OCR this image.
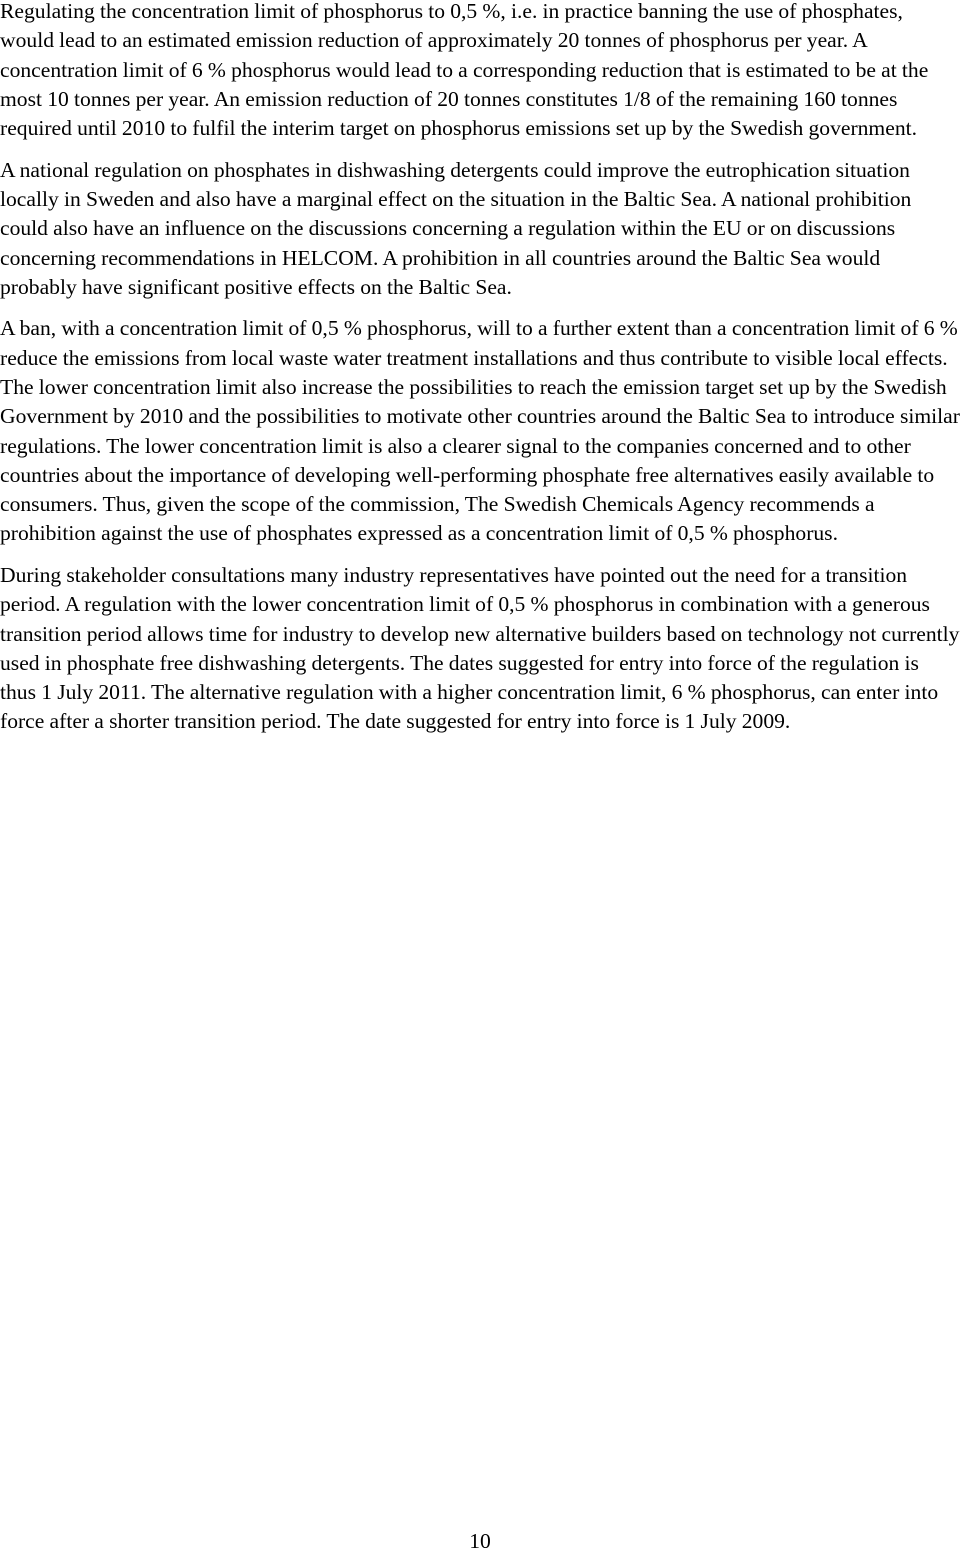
Regulating the concentration limit of phosphorus to 0,5 %, i.e. in practice banning the use of phosphates, would lead to an estimated emission reduction of approximately 20 tonnes of phosphorus per year. A concentration limit of 6 % phosphorus would lead to a corresponding reduction that is estimated to be at the most 10 tonnes per year. An emission reduction of 20 tonnes constitutes 1/8 of the remaining 160 tonnes required until 2010 to fulfil the interim target on phosphorus emissions set up by the Swedish government.

A national regulation on phosphates in dishwashing detergents could improve the eutrophication situation locally in Sweden and also have a marginal effect on the situation in the Baltic Sea. A national prohibition could also have an influence on the discussions concerning a regulation within the EU or on discussions concerning recommendations in HELCOM. A prohibition in all countries around the Baltic Sea would probably have significant positive effects on the Baltic Sea.

A ban, with a concentration limit of 0,5 % phosphorus, will to a further extent than a concentration limit of 6 % reduce the emissions from local waste water treatment installations and thus contribute to visible local effects. The lower concentration limit also increase the possibilities to reach the emission target set up by the Swedish Government by 2010 and the possibilities to motivate other countries around the Baltic Sea to introduce similar regulations. The lower concentration limit is also a clearer signal to the companies concerned and to other countries about the importance of developing well-performing phosphate free alternatives easily available to consumers. Thus, given the scope of the commission, The Swedish Chemicals Agency recommends a prohibition against the use of phosphates expressed as a concentration limit of 0,5 % phosphorus.

During stakeholder consultations many industry representatives have pointed out the need for a transition period. A regulation with the lower concentration limit of 0,5 % phosphorus in combination with a generous transition period allows time for industry to develop new alternative builders based on technology not currently used in phosphate free dishwashing detergents. The dates suggested for entry into force of the regulation is thus 1 July 2011. The alternative regulation with a higher concentration limit, 6 % phosphorus, can enter into force after a shorter transition period. The date suggested for entry into force is 1 July 2009.

10
